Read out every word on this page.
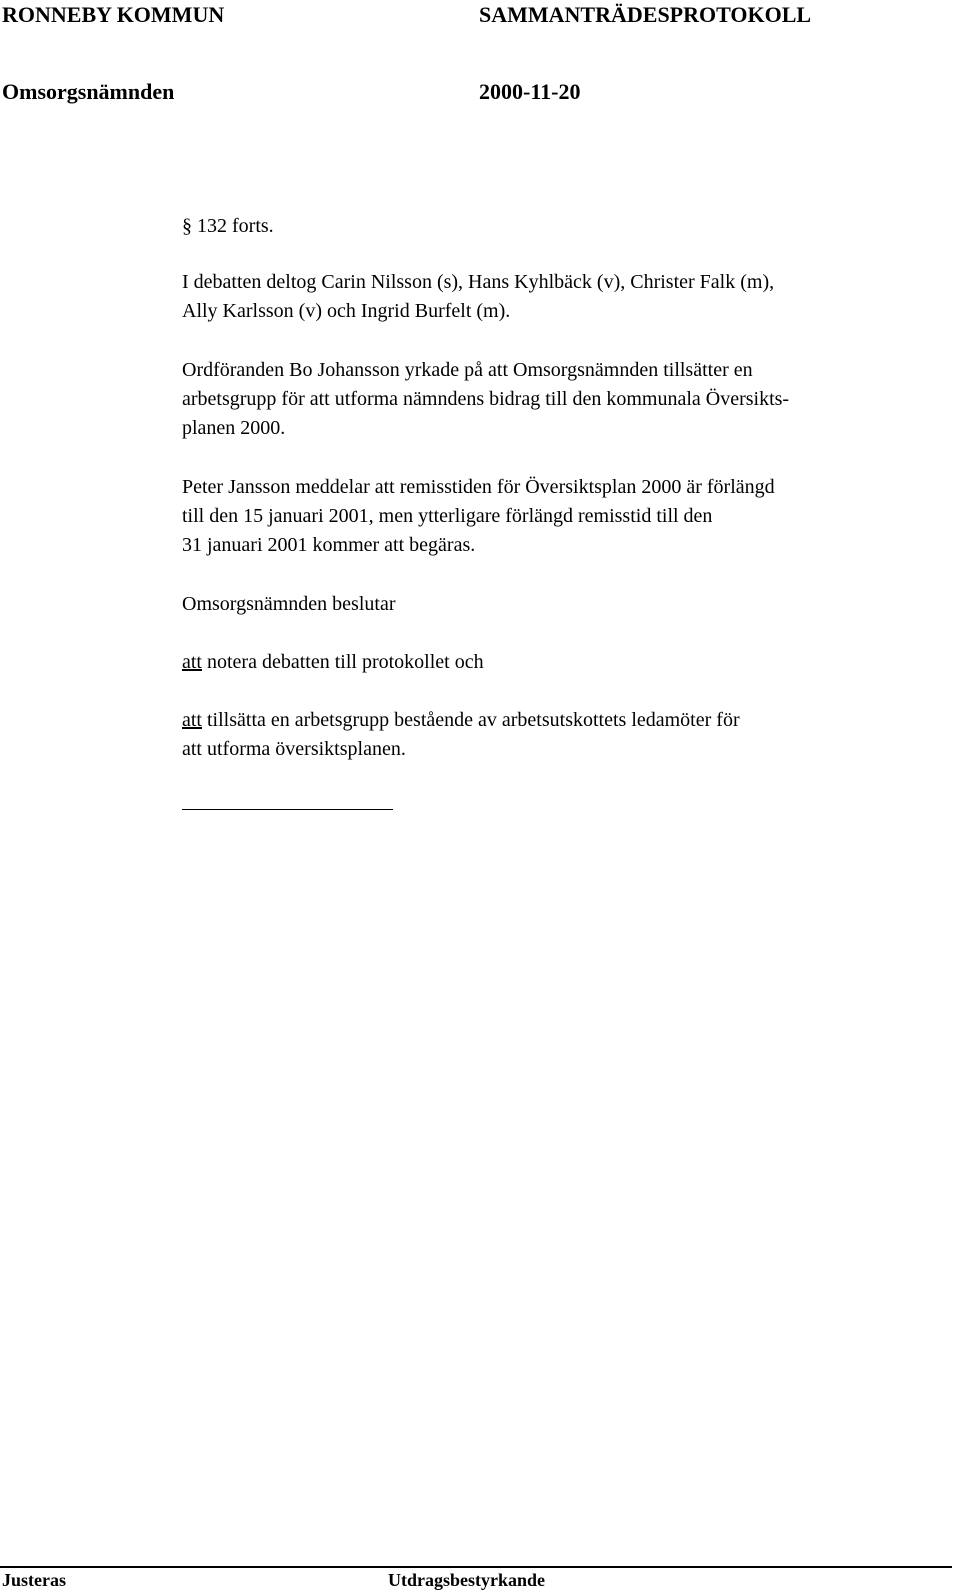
RONNEBY KOMMUN	SAMMANTRÄDESPROTOKOLL
Omsorgsnämnden	2000-11-20
§ 132 forts.
I debatten deltog Carin Nilsson (s), Hans Kyhlbäck (v), Christer Falk (m),
Ally Karlsson (v) och Ingrid Burfelt (m).
Ordföranden Bo Johansson yrkade på att Omsorgsnämnden tillsätter en
arbetsgrupp för att utforma nämndens bidrag till den kommunala Översikts-
planen 2000.
Peter Jansson meddelar att remisstiden för Översiktsplan 2000 är förlängd
till den 15 januari 2001, men ytterligare förlängd remisstid till den
31 januari 2001 kommer att begäras.
Omsorgsnämnden beslutar
att notera debatten till protokollet och
att tillsätta en arbetsgrupp bestående av arbetsutskottets ledamöter för
att utforma översiktsplanen.
Justeras	Utdragsbestyrkande
